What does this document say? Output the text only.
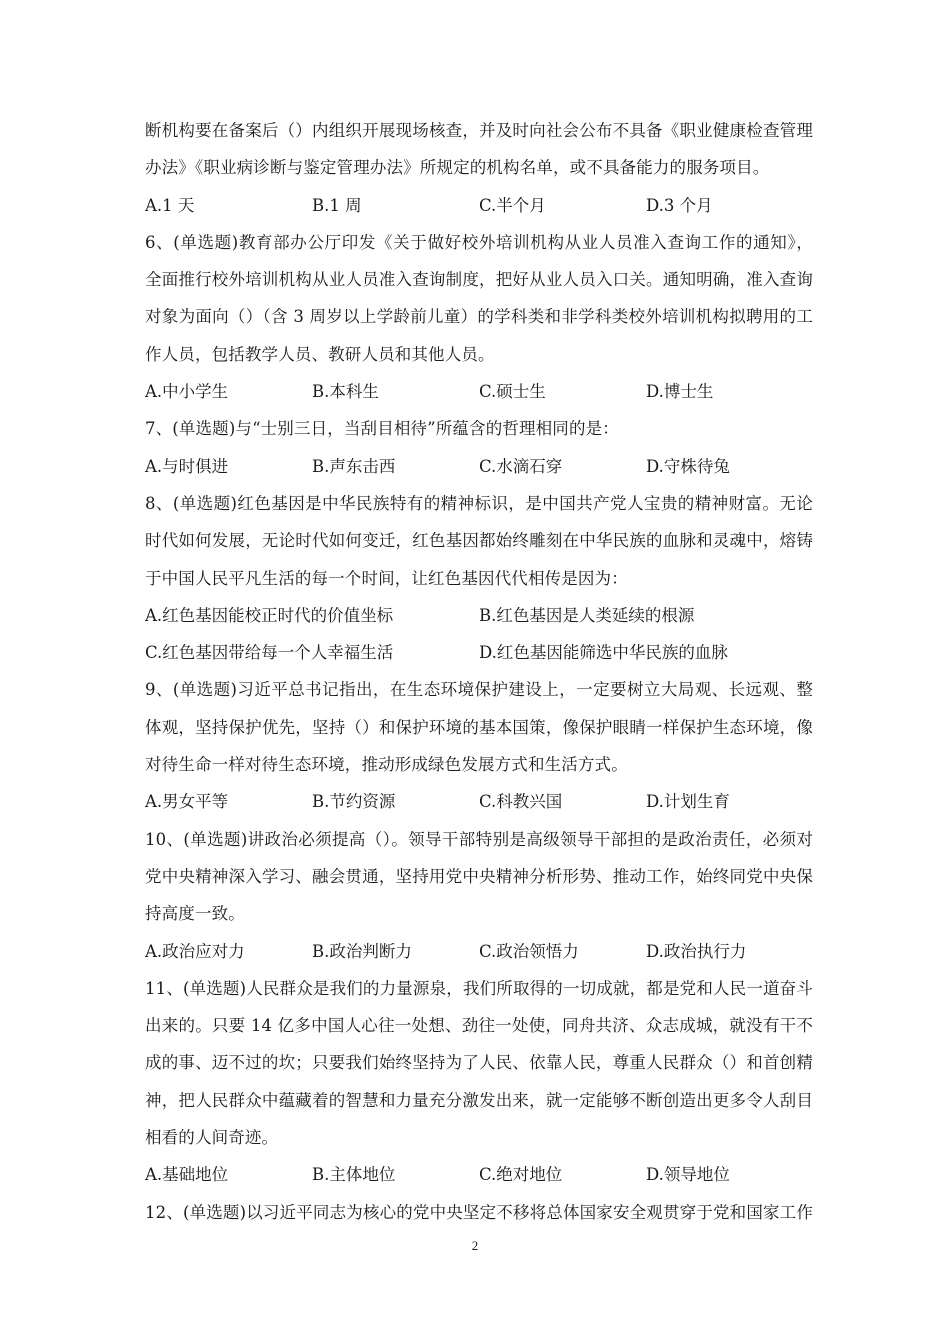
断机构要在备案后（）内组织开展现场核查，并及时向社会公布不具备《职业健康检查管理
办法》《职业病诊断与鉴定管理办法》所规定的机构名单，或不具备能力的服务项目。
A.1 天	B.1 周	C.半个月	D.3 个月
6、(单选题)教育部办公厅印发《关于做好校外培训机构从业人员准入查询工作的通知》，
全面推行校外培训机构从业人员准入查询制度，把好从业人员入口关。通知明确，准入查询
对象为面向（）（含 3 周岁以上学龄前儿童）的学科类和非学科类校外培训机构拟聘用的工
作人员，包括教学人员、教研人员和其他人员。
A.中小学生	B.本科生	C.硕士生	D.博士生
7、(单选题)与“士别三日，当刮目相待”所蕴含的哲理相同的是：
A.与时俱进	B.声东击西	C.水滴石穿	D.守株待兔
8、(单选题)红色基因是中华民族特有的精神标识，是中国共产党人宝贵的精神财富。无论
时代如何发展，无论时代如何变迁，红色基因都始终雕刻在中华民族的血脉和灵魂中，熔铸
于中国人民平凡生活的每一个时间，让红色基因代代相传是因为：
A.红色基因能校正时代的价值坐标	B.红色基因是人类延续的根源
C.红色基因带给每一个人幸福生活	D.红色基因能筛选中华民族的血脉
9、(单选题)习近平总书记指出，在生态环境保护建设上，一定要树立大局观、长远观、整
体观，坚持保护优先，坚持（）和保护环境的基本国策，像保护眼睛一样保护生态环境，像
对待生命一样对待生态环境，推动形成绿色发展方式和生活方式。
A.男女平等	B.节约资源	C.科教兴国	D.计划生育
10、(单选题)讲政治必须提高（）。领导干部特别是高级领导干部担的是政治责任，必须对
党中央精神深入学习、融会贯通，坚持用党中央精神分析形势、推动工作，始终同党中央保
持高度一致。
A.政治应对力	B.政治判断力	C.政治领悟力	D.政治执行力
11、(单选题)人民群众是我们的力量源泉，我们所取得的一切成就，都是党和人民一道奋斗
出来的。只要 14 亿多中国人心往一处想、劲往一处使，同舟共济、众志成城，就没有干不
成的事、迈不过的坎；只要我们始终坚持为了人民、依靠人民，尊重人民群众（）和首创精
神，把人民群众中蕴藏着的智慧和力量充分激发出来，就一定能够不断创造出更多令人刮目
相看的人间奇迹。
A.基础地位	B.主体地位	C.绝对地位	D.领导地位
12、(单选题)以习近平同志为核心的党中央坚定不移将总体国家安全观贯穿于党和国家工作
2
